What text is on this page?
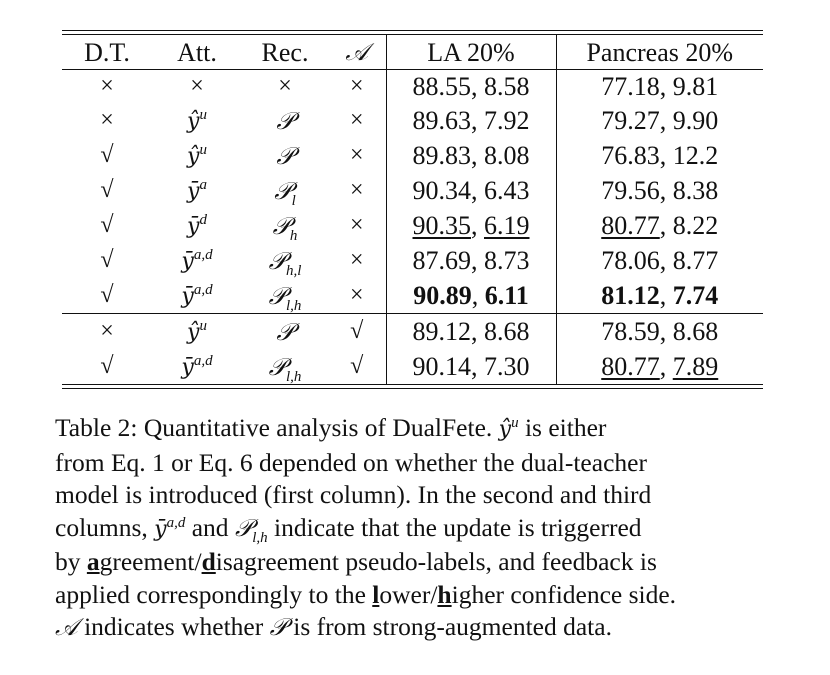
D.T.	Att.	Rec.	𝒜	LA 20%	Pancreas 20%
×	×	×	×	88.55, 8.58	77.18, 9.81
×	$ŷ^u$	𝒫	×	89.63, 7.92	79.27, 9.90
√	$ŷ^u$	𝒫	×	89.83, 8.08	76.83, 12.2
√	$ȳ^a$	𝒫$_l$	×	90.34, 6.43	79.56, 8.38
√	$ȳ^d$	𝒫$_h$	×	90.35, 6.19	80.77, 8.22
√	$ȳ^{a,d}$	𝒫$_{h,l}$	×	87.69, 8.73	78.06, 8.77
√	$ȳ^{a,d}$	𝒫$_{l,h}$	×	90.89, 6.11	81.12, 7.74
×	$ŷ^u$	𝒫	√	89.12, 8.68	78.59, 8.68
√	$ȳ^{a,d}$	𝒫$_{l,h}$	√	90.14, 7.30	80.77, 7.89
Table 2: Quantitative analysis of DualFete. $ŷ^u$ is either
from Eq. 1 or Eq. 6 depended on whether the dual-teacher
model is introduced (first column). In the second and third
columns, $ȳ^{a,d}$ and 𝒫$_{l,h}$ indicate that the update is triggerred
by agreement/disagreement pseudo-labels, and feedback is
applied correspondingly to the lower/higher confidence side.
𝒜 indicates whether 𝒫 is from strong-augmented data.
